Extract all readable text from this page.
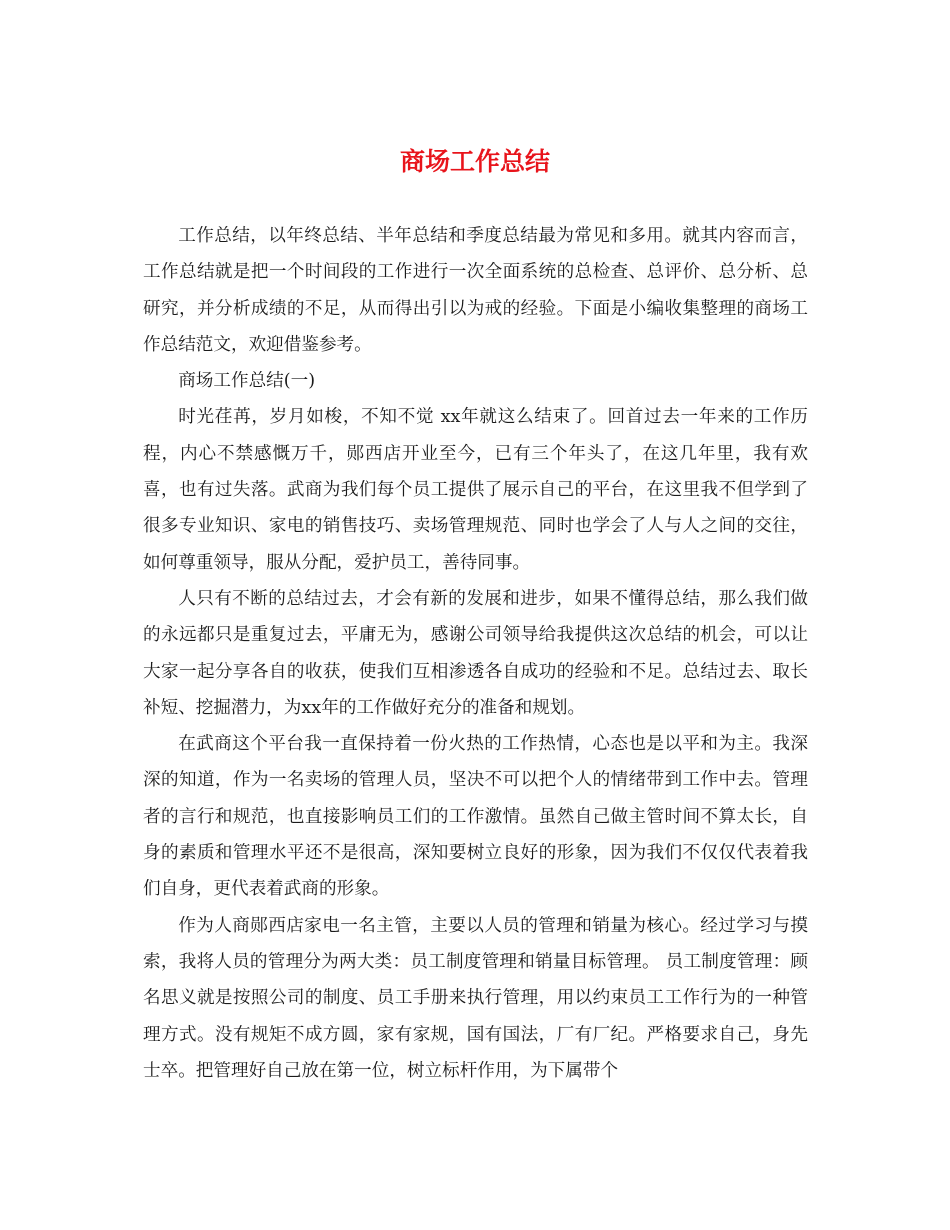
商场工作总结

工作总结，以年终总结、半年总结和季度总结最为常见和多用。就其内容而言，工作总结就是把一个时间段的工作进行一次全面系统的总检查、总评价、总分析、总研究，并分析成绩的不足，从而得出引以为戒的经验。下面是小编收集整理的商场工作总结范文，欢迎借鉴参考。

商场工作总结(一)

时光荏苒，岁月如梭，不知不觉 xx年就这么结束了。回首过去一年来的工作历程，内心不禁感慨万千，郧西店开业至今，已有三个年头了，在这几年里，我有欢喜，也有过失落。武商为我们每个员工提供了展示自己的平台，在这里我不但学到了很多专业知识、家电的销售技巧、卖场管理规范、同时也学会了人与人之间的交往，如何尊重领导，服从分配，爱护员工，善待同事。

人只有不断的总结过去，才会有新的发展和进步，如果不懂得总结，那么我们做的永远都只是重复过去，平庸无为，感谢公司领导给我提供这次总结的机会，可以让大家一起分享各自的收获，使我们互相渗透各自成功的经验和不足。总结过去、取长补短、挖掘潜力，为xx年的工作做好充分的准备和规划。

在武商这个平台我一直保持着一份火热的工作热情，心态也是以平和为主。我深深的知道，作为一名卖场的管理人员，坚决不可以把个人的情绪带到工作中去。管理者的言行和规范，也直接影响员工们的工作激情。虽然自己做主管时间不算太长，自身的素质和管理水平还不是很高，深知要树立良好的形象，因为我们不仅仅代表着我们自身，更代表着武商的形象。

作为人商郧西店家电一名主管，主要以人员的管理和销量为核心。经过学习与摸索，我将人员的管理分为两大类：员工制度管理和销量目标管理。 员工制度管理：顾名思义就是按照公司的制度、员工手册来执行管理，用以约束员工工作行为的一种管理方式。没有规矩不成方圆，家有家规，国有国法，厂有厂纪。严格要求自己，身先士卒。把管理好自己放在第一位，树立标杆作用，为下属带个
